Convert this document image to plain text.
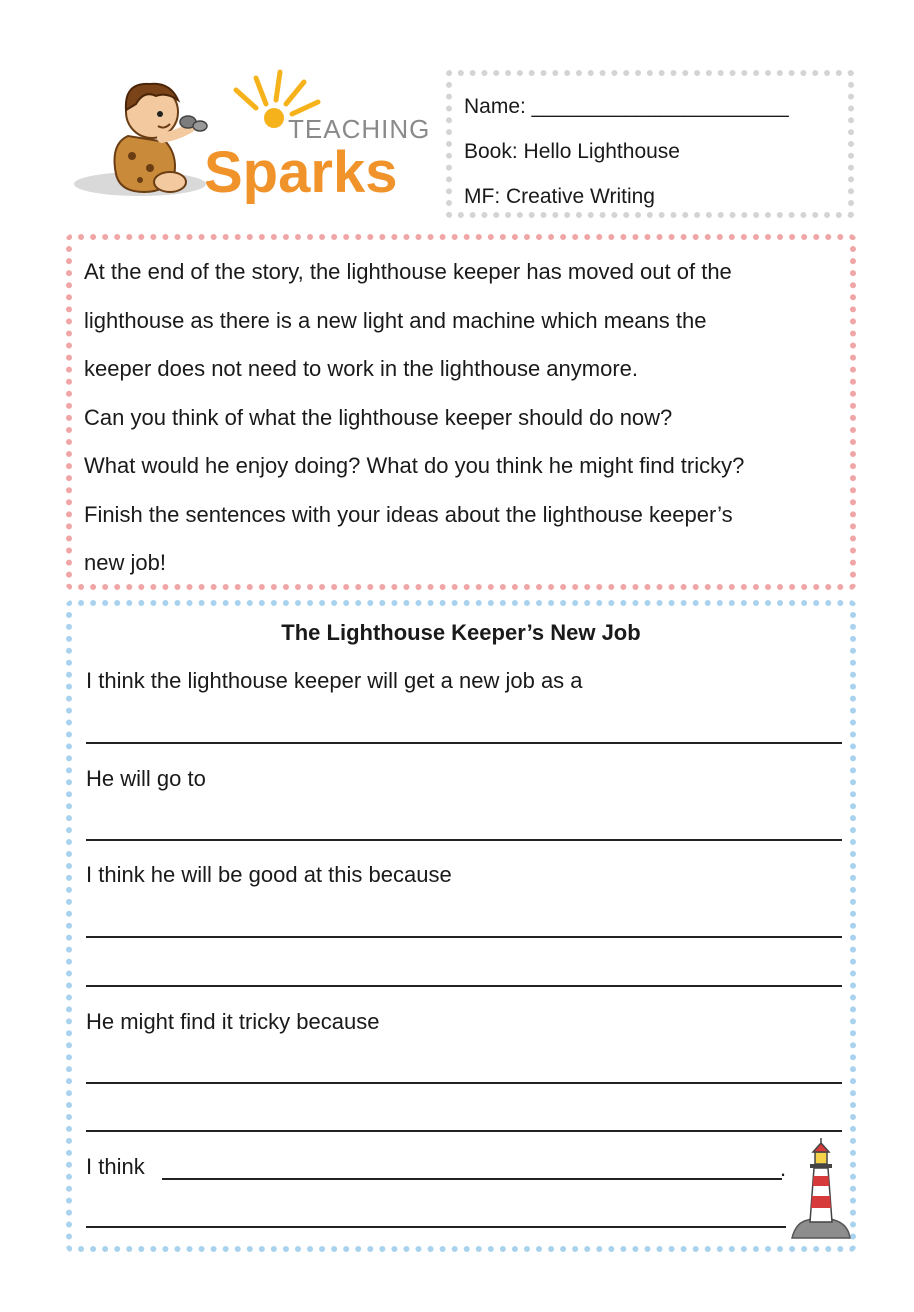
TEACHING
Sparks
Name: ______________________
Book: Hello Lighthouse
MF: Creative Writing
At the end of the story, the lighthouse keeper has moved out of the
lighthouse as there is a new light and machine which means the
keeper does not need to work in the lighthouse anymore.
Can you think of what the lighthouse keeper should do now?
What would he enjoy doing? What do you think he might find tricky?
Finish the sentences with your ideas about the lighthouse keeper’s
new job!
The Lighthouse Keeper’s New Job
I think the lighthouse keeper will get a new job as a
He will go to
I think he will be good at this because
He might find it tricky because
I think	.
